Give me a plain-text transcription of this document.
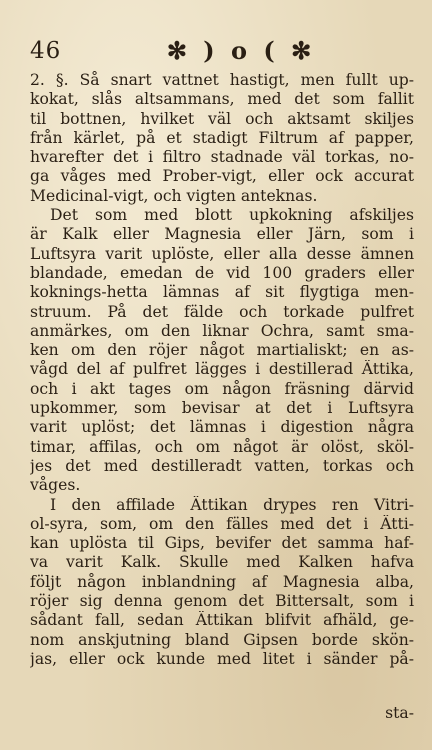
46	✻ ) o ( ✻

2. §. Så snart vattnet hastigt, men fullt up-
kokat, slås altsammans, med det som fallit
til bottnen, hvilket väl och aktsamt skiljes
från kärlet, på et stadigt Filtrum af papper,
hvarefter det i filtro stadnade väl torkas, no-
ga våges med Prober-vigt, eller ock accurat
Medicinal-vigt, och vigten anteknas.

Det som med blott upkokning afskiljes
är Kalk eller Magnesia eller Järn, som i
Luftsyra varit uplöste, eller alla desse ämnen
blandade, emedan de vid 100 graders eller
koknings-hetta lämnas af sit flygtiga men-
struum. På det fälde och torkade pulfret
anmärkes, om den liknar Ochra, samt sma-
ken om den röjer något martialiskt; en as-
vågd del af pulfret lägges i destillerad Ättika,
och i akt tages om någon fräsning därvid
upkommer, som bevisar at det i Luftsyra
varit uplöst; det lämnas i digestion några
timar, affilas, och om något är olöst, sköl-
jes det med destilleradt vatten, torkas och
våges.

I den affilade Ättikan drypes ren Vitri-
ol-syra, som, om den fälles med det i Ätti-
kan uplösta til Gips, bevifer det samma haf-
va varit Kalk. Skulle med Kalken hafva
följt någon inblandning af Magnesia alba,
röjer sig denna genom det Bittersalt, som i
sådant fall, sedan Ättikan blifvit afhäld, ge-
nom anskjutning bland Gipsen borde skön-
jas, eller ock kunde med litet i sänder på-

sta-
